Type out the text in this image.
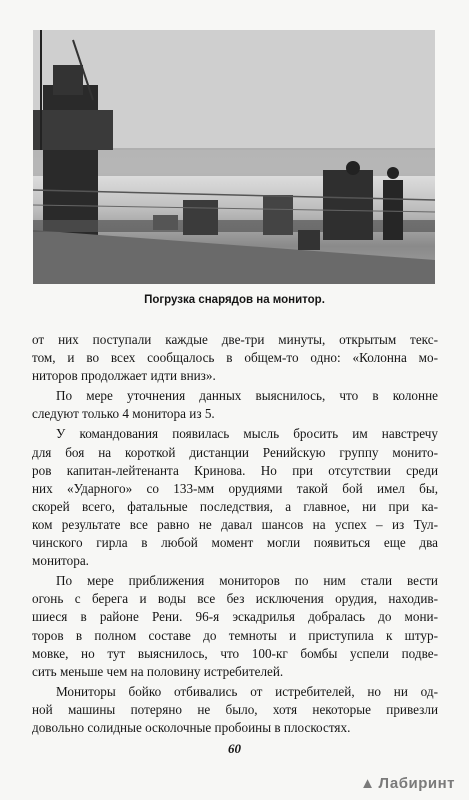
Погрузка снарядов на монитор.
от них поступали каждые две-три минуты, открытым текс-
том, и во всех сообщалось в общем-то одно: «Колонна мо-
ниторов продолжает идти вниз».
По мере уточнения данных выяснилось, что в колонне
следуют только 4 монитора из 5.
У командования появилась мысль бросить им навстречу
для боя на короткой дистанции Ренийскую группу монито-
ров капитан-лейтенанта Кринова. Но при отсутствии среди
них «Ударного» со 133-мм орудиями такой бой имел бы,
скорей всего, фатальные последствия, а главное, ни при ка-
ком результате все равно не давал шансов на успех – из Тул-
чинского гирла в любой момент могли появиться еще два
монитора.
По мере приближения мониторов по ним стали вести
огонь с берега и воды все без исключения орудия, находив-
шиеся в районе Рени. 96-я эскадрилья добралась до мони-
торов в полном составе до темноты и приступила к штур-
мовке, но тут выяснилось, что 100-кг бомбы успели подве-
сить меньше чем на половину истребителей.
Мониторы бойко отбивались от истребителей, но ни од-
ной машины потеряно не было, хотя некоторые привезли
довольно солидные осколочные пробоины в плоскостях.
60
▲ Лабиринт
